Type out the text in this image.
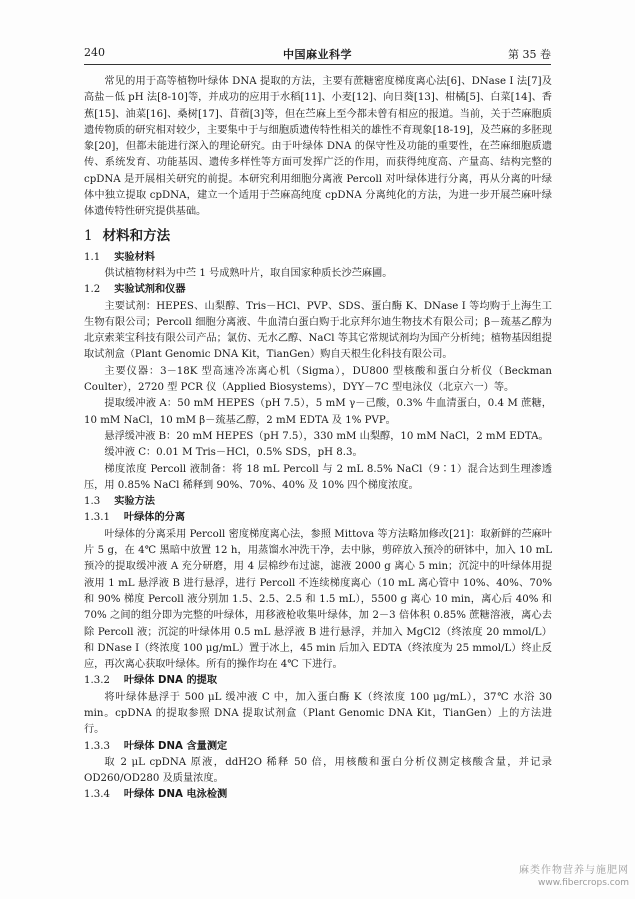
240	中国麻业科学	第 35 卷

常见的用于高等植物叶绿体 DNA 提取的方法，主要有蔗糖密度梯度离心法[6]、DNase I 法[7]及高盐－低 pH 法[8-10]等，并成功的应用于水稻[11]、小麦[12]、向日葵[13]、柑橘[5]、白菜[14]、香蕉[15]、油菜[16]、桑树[17]、苜蓿[3]等，但在苎麻上至今都未曾有相应的报道。当前，关于苎麻胞质遗传物质的研究相对较少，主要集中于与细胞质遗传特性相关的雄性不育现象[18-19]，及苎麻的多胚现象[20]，但都未能进行深入的理论研究。由于叶绿体 DNA 的保守性及功能的重要性，在苎麻细胞质遗传、系统发育、功能基因、遗传多样性等方面可发挥广泛的作用，而获得纯度高、产量高、结构完整的 cpDNA 是开展相关研究的前提。本研究利用细胞分离液 Percoll 对叶绿体进行分离，再从分离的叶绿体中独立提取 cpDNA，建立一个适用于苎麻高纯度 cpDNA 分离纯化的方法，为进一步开展苎麻叶绿体遗传特性研究提供基础。

1 材料和方法
1.1 实验材料

供试植物材料为中苎 1 号成熟叶片，取自国家种质长沙苎麻圃。

1.2 实验试剂和仪器

主要试剂：HEPES、山梨醇、Tris－HCl、PVP、SDS、蛋白酶 K、DNase I 等均购于上海生工生物有限公司；Percoll 细胞分离液、牛血清白蛋白购于北京拜尔迪生物技术有限公司；β－巯基乙醇为北京索莱宝科技有限公司产品；氯仿、无水乙醇、NaCl 等其它常规试剂均为国产分析纯；植物基因组提取试剂盒（Plant Genomic DNA Kit，TianGen）购自天根生化科技有限公司。

主要仪器：3－18K 型高速冷冻离心机（Sigma），DU800 型核酸和蛋白分析仪（Beckman Coulter），2720 型 PCR 仪（Applied Biosystems），DYY－7C 型电泳仪（北京六一）等。

提取缓冲液 A：50 mM HEPES（pH 7.5），5 mM γ－己酸，0.3% 牛血清蛋白，0.4 M 蔗糖，10 mM NaCl，10 mM β－巯基乙醇，2 mM EDTA 及 1% PVP。

悬浮缓冲液 B：20 mM HEPES（pH 7.5），330 mM 山梨醇，10 mM NaCl，2 mM EDTA。

缓冲液 C：0.01 M Tris－HCl，0.5% SDS，pH 8.3。

梯度浓度 Percoll 液制备：将 18 mL Percoll 与 2 mL 8.5% NaCl（9∶1）混合达到生理渗透压，用 0.85% NaCl 稀释到 90%、70%、40% 及 10% 四个梯度浓度。

1.3 实验方法
1.3.1 叶绿体的分离

叶绿体的分离采用 Percoll 密度梯度离心法，参照 Mittova 等方法略加修改[21]：取新鲜的苎麻叶片 5 g，在 4℃ 黑暗中放置 12 h，用蒸馏水冲洗干净，去中脉，剪碎放入预冷的研钵中，加入 10 mL 预冷的提取缓冲液 A 充分研磨，用 4 层棉纱布过滤，滤液 2000 g 离心 5 min；沉淀中的叶绿体用提液用 1 mL 悬浮液 B 进行悬浮，进行 Percoll 不连续梯度离心（10 mL 离心管中 10%、40%、70% 和 90% 梯度 Percoll 液分别加 1.5、2.5、2.5 和 1.5 mL），5500 g 离心 10 min，离心后 40% 和 70% 之间的组分即为完整的叶绿体，用移液枪收集叶绿体，加 2－3 倍体积 0.85% 蔗糖溶液，离心去除 Percoll 液；沉淀的叶绿体用 0.5 mL 悬浮液 B 进行悬浮，并加入 MgCl2（终浓度 20 mmol/L）和 DNase I（终浓度 100 μg/mL）置于冰上，45 min 后加入 EDTA（终浓度为 25 mmol/L）终止反应，再次离心获取叶绿体。所有的操作均在 4℃ 下进行。

1.3.2 叶绿体 DNA 的提取

将叶绿体悬浮于 500 μL 缓冲液 C 中，加入蛋白酶 K（终浓度 100 μg/mL），37℃ 水浴 30 min。cpDNA 的提取参照 DNA 提取试剂盒（Plant Genomic DNA Kit，TianGen）上的方法进行。

1.3.3 叶绿体 DNA 含量测定

取 2 μL cpDNA 原液，ddH2O 稀释 50 倍，用核酸和蛋白分析仪测定核酸含量，并记录 OD260/OD280 及质量浓度。

1.3.4 叶绿体 DNA 电泳检测
麻类作物营养与施肥网
www.fibercrops.com
